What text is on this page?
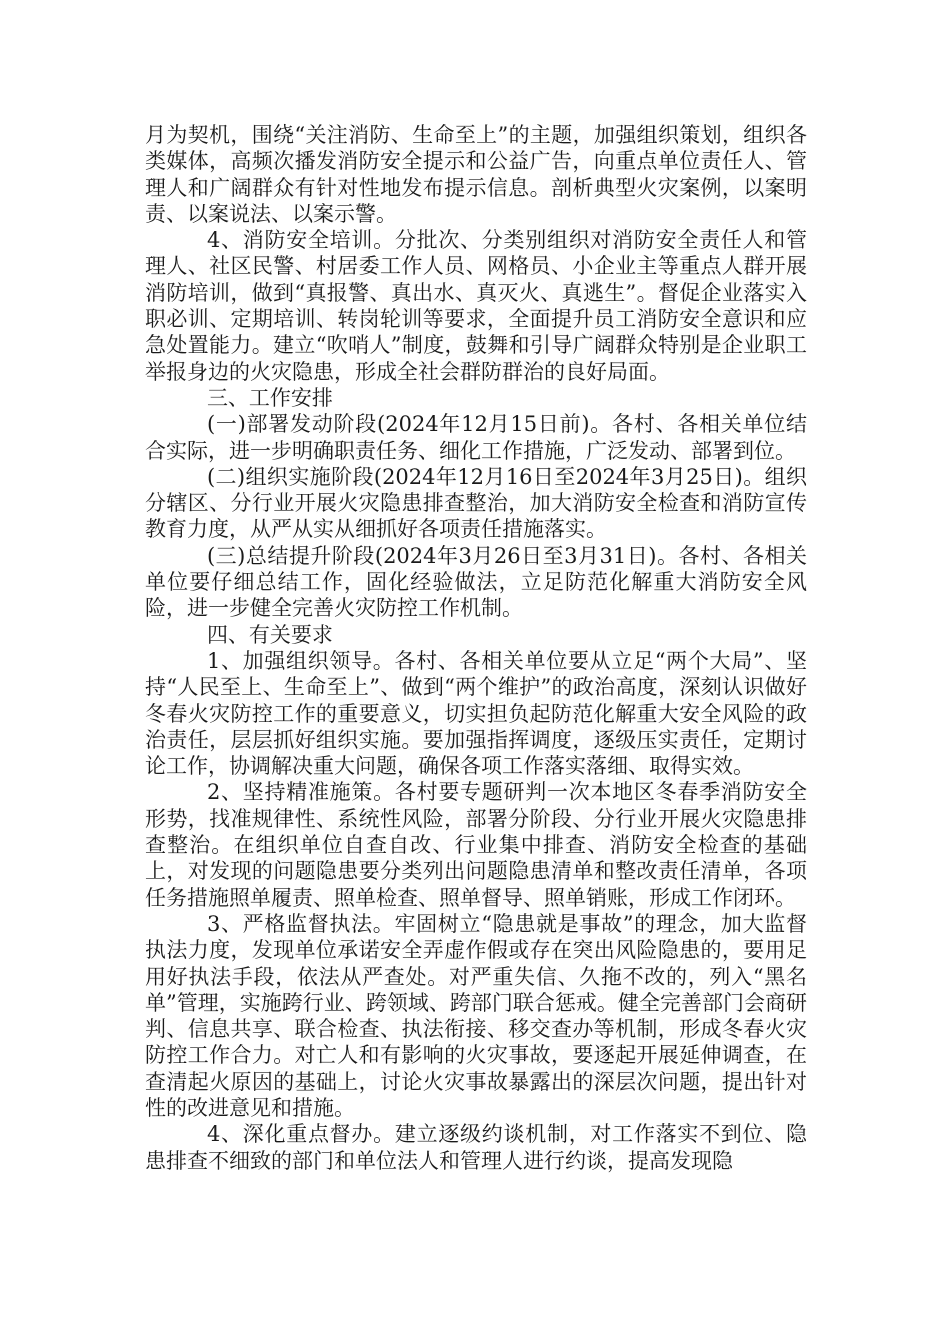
月为契机，围绕“关注消防、生命至上”的主题，加强组织策划，组织各类媒体，高频次播发消防安全提示和公益广告，向重点单位责任人、管理人和广阔群众有针对性地发布提示信息。剖析典型火灾案例，以案明责、以案说法、以案示警。

4、消防安全培训。分批次、分类别组织对消防安全责任人和管理人、社区民警、村居委工作人员、网格员、小企业主等重点人群开展消防培训，做到“真报警、真出水、真灭火、真逃生”。督促企业落实入职必训、定期培训、转岗轮训等要求，全面提升员工消防安全意识和应急处置能力。建立“吹哨人”制度，鼓舞和引导广阔群众特别是企业职工举报身边的火灾隐患，形成全社会群防群治的良好局面。

三、工作安排

(一)部署发动阶段(2024年12月15日前)。各村、各相关单位结合实际，进一步明确职责任务、细化工作措施，广泛发动、部署到位。

(二)组织实施阶段(2024年12月16日至2024年3月25日)。组织分辖区、分行业开展火灾隐患排查整治，加大消防安全检查和消防宣传教育力度，从严从实从细抓好各项责任措施落实。

(三)总结提升阶段(2024年3月26日至3月31日)。各村、各相关单位要仔细总结工作，固化经验做法，立足防范化解重大消防安全风险，进一步健全完善火灾防控工作机制。

四、有关要求

1、加强组织领导。各村、各相关单位要从立足“两个大局”、坚持“人民至上、生命至上”、做到“两个维护”的政治高度，深刻认识做好冬春火灾防控工作的重要意义，切实担负起防范化解重大安全风险的政治责任，层层抓好组织实施。要加强指挥调度，逐级压实责任，定期讨论工作，协调解决重大问题，确保各项工作落实落细、取得实效。

2、坚持精准施策。各村要专题研判一次本地区冬春季消防安全形势，找准规律性、系统性风险，部署分阶段、分行业开展火灾隐患排查整治。在组织单位自查自改、行业集中排查、消防安全检查的基础上，对发现的问题隐患要分类列出问题隐患清单和整改责任清单，各项任务措施照单履责、照单检查、照单督导、照单销账，形成工作闭环。

3、严格监督执法。牢固树立“隐患就是事故”的理念，加大监督执法力度，发现单位承诺安全弄虚作假或存在突出风险隐患的，要用足用好执法手段，依法从严查处。对严重失信、久拖不改的，列入“黑名单”管理，实施跨行业、跨领域、跨部门联合惩戒。健全完善部门会商研判、信息共享、联合检查、执法衔接、移交查办等机制，形成冬春火灾防控工作合力。对亡人和有影响的火灾事故，要逐起开展延伸调查，在查清起火原因的基础上，讨论火灾事故暴露出的深层次问题，提出针对性的改进意见和措施。

4、深化重点督办。建立逐级约谈机制，对工作落实不到位、隐患排查不细致的部门和单位法人和管理人进行约谈，提高发现隐
